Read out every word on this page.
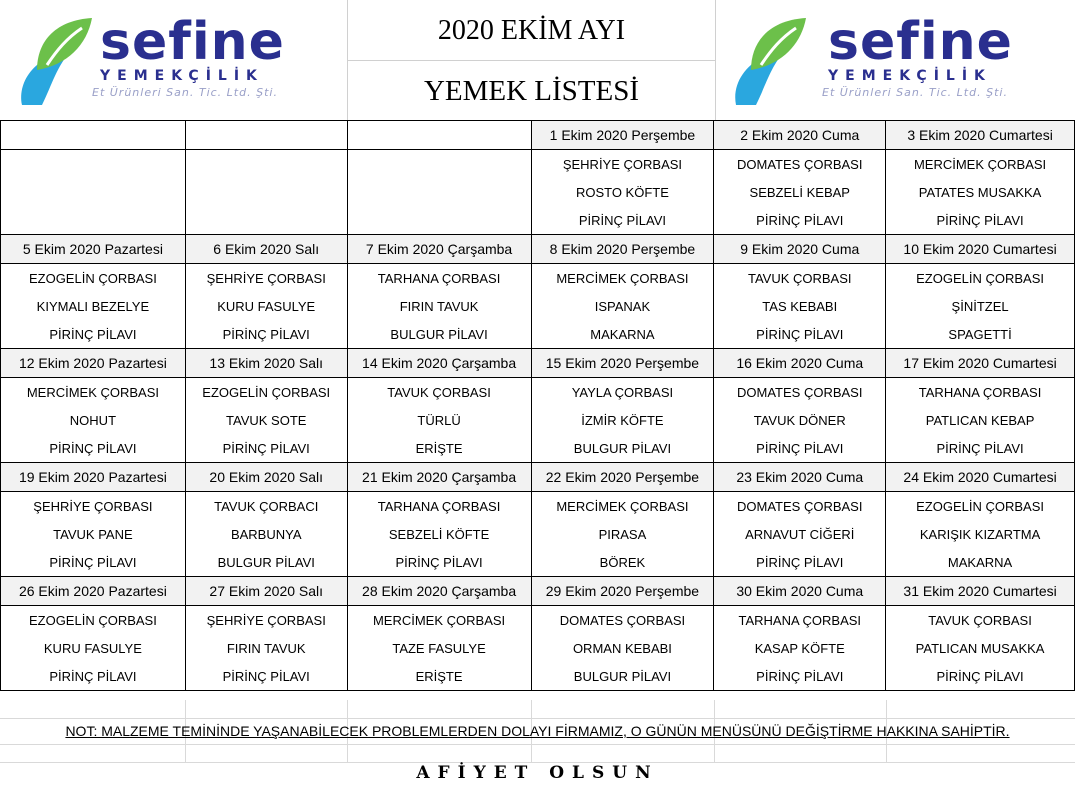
sefine
YEMEKÇİLİK
Et Ürünleri San. Tic. Ltd. Şti.
2020 EKİM AYI
YEMEK LİSTESİ
sefine
YEMEKÇİLİK
Et Ürünleri San. Tic. Ltd. Şti.
			1 Ekim 2020 Perşembe	2 Ekim 2020 Cuma	3 Ekim 2020 Cumartesi
			ŞEHRİYE ÇORBASI	DOMATES ÇORBASI	MERCİMEK ÇORBASI
			ROSTO KÖFTE	SEBZELİ KEBAP	PATATES MUSAKKA
			PİRİNÇ PİLAVI	PİRİNÇ PİLAVI	PİRİNÇ PİLAVI
5 Ekim 2020 Pazartesi	6 Ekim 2020 Salı	7 Ekim 2020 Çarşamba	8 Ekim 2020 Perşembe	9 Ekim 2020 Cuma	10 Ekim 2020 Cumartesi
EZOGELİN ÇORBASI	ŞEHRİYE ÇORBASI	TARHANA ÇORBASI	MERCİMEK ÇORBASI	TAVUK ÇORBASI	EZOGELİN ÇORBASI
KIYMALI BEZELYE	KURU FASULYE	FIRIN TAVUK	ISPANAK	TAS KEBABI	ŞİNİTZEL
PİRİNÇ PİLAVI	PİRİNÇ PİLAVI	BULGUR PİLAVI	MAKARNA	PİRİNÇ PİLAVI	SPAGETTİ
12 Ekim 2020 Pazartesi	13 Ekim 2020 Salı	14 Ekim 2020 Çarşamba	15 Ekim 2020 Perşembe	16 Ekim 2020 Cuma	17 Ekim 2020 Cumartesi
MERCİMEK ÇORBASI	EZOGELİN ÇORBASI	TAVUK ÇORBASI	YAYLA ÇORBASI	DOMATES ÇORBASI	TARHANA ÇORBASI
NOHUT	TAVUK SOTE	TÜRLÜ	İZMİR KÖFTE	TAVUK DÖNER	PATLICAN KEBAP
PİRİNÇ PİLAVI	PİRİNÇ PİLAVI	ERİŞTE	BULGUR PİLAVI	PİRİNÇ PİLAVI	PİRİNÇ PİLAVI
19 Ekim 2020 Pazartesi	20 Ekim 2020 Salı	21 Ekim 2020 Çarşamba	22 Ekim 2020 Perşembe	23 Ekim 2020 Cuma	24 Ekim 2020 Cumartesi
ŞEHRİYE ÇORBASI	TAVUK ÇORBACI	TARHANA ÇORBASI	MERCİMEK ÇORBASI	DOMATES ÇORBASI	EZOGELİN ÇORBASI
TAVUK PANE	BARBUNYA	SEBZELİ KÖFTE	PIRASA	ARNAVUT CİĞERİ	KARIŞIK KIZARTMA
PİRİNÇ PİLAVI	BULGUR PİLAVI	PİRİNÇ PİLAVI	BÖREK	PİRİNÇ PİLAVI	MAKARNA
26 Ekim 2020 Pazartesi	27 Ekim 2020 Salı	28 Ekim 2020 Çarşamba	29 Ekim 2020 Perşembe	30 Ekim 2020 Cuma	31 Ekim 2020 Cumartesi
EZOGELİN ÇORBASI	ŞEHRİYE ÇORBASI	MERCİMEK ÇORBASI	DOMATES ÇORBASI	TARHANA ÇORBASI	TAVUK ÇORBASI
KURU FASULYE	FIRIN TAVUK	TAZE FASULYE	ORMAN KEBABI	KASAP KÖFTE	PATLICAN MUSAKKA
PİRİNÇ PİLAVI	PİRİNÇ PİLAVI	ERİŞTE	BULGUR PİLAVI	PİRİNÇ PİLAVI	PİRİNÇ PİLAVI
NOT: MALZEME TEMİNİNDE YAŞANABİLECEK PROBLEMLERDEN DOLAYI FİRMAMIZ, O GÜNÜN MENÜSÜNÜ DEĞİŞTİRME HAKKINA SAHİPTİR.
AFİYET OLSUN
